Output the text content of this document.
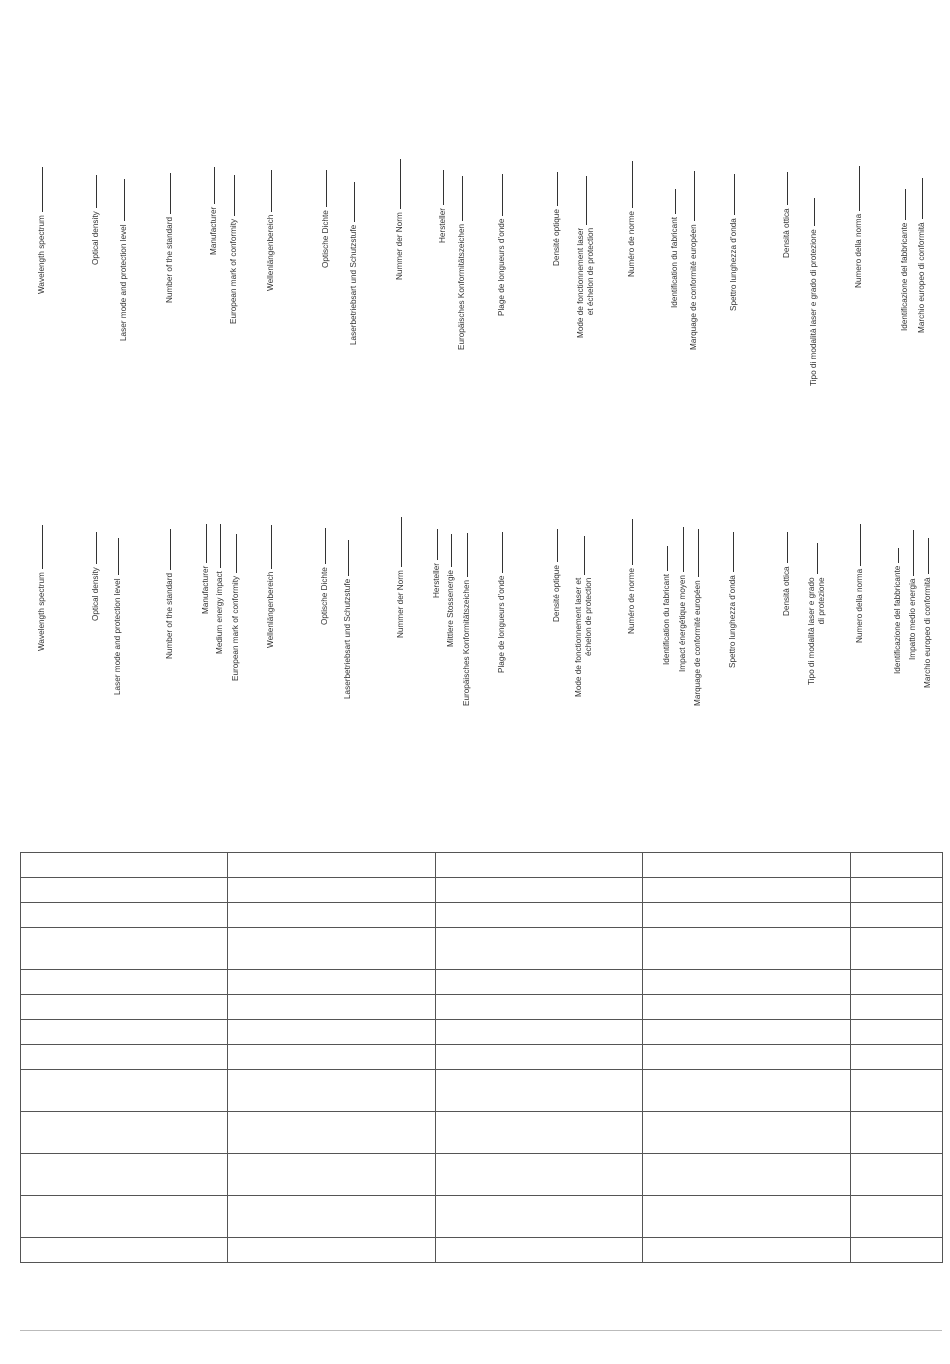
Wavelength spectrum	Optical density Laser mode and protection level	Number of the standard	Manufacturer European mark of conformity	Wellenlängenbereich	Optische Dichte Laserbetriebsart und Schutzstufe	Nummer der Norm	Hersteller Europäisches Konformitätszeichen	Plage de longueurs d’onde	Densité optique
Mode de fonctionnement laser
et échelon de protection	Numéro de norme	Identification du fabricant Marquage de conformité européen	Spettro lunghezza d’onda	Densità ottica Tipo di modalità laser e grado di protezione	Numero della norma	Identificazione del fabbricante Marchio europeo di conformità
Wavelength spectrum	Optical density Laser mode and protection level	Number of the standard	Manufacturer Medium energy impact European mark of conformity	Wellenlängenbereich	Optische Dichte Laserbetriebsart und Schutzstufe	Nummer der Norm	Hersteller Mittlere Stossenergie Europäisches Konformitätszeichen	Plage de longueurs d’onde	Densité optique
Mode de fonctionnement laser et
échelon de protection	Numéro de norme	Identification du fabricant Impact énergétique moyen Marquage de conformité européen	Spettro lunghezza d’onda	Densità ottica
Tipo di modalità laser e grado
di protezione	Numero della norma	Identificazione del fabbricante Impatto medio energia Marchio europeo di conformità
